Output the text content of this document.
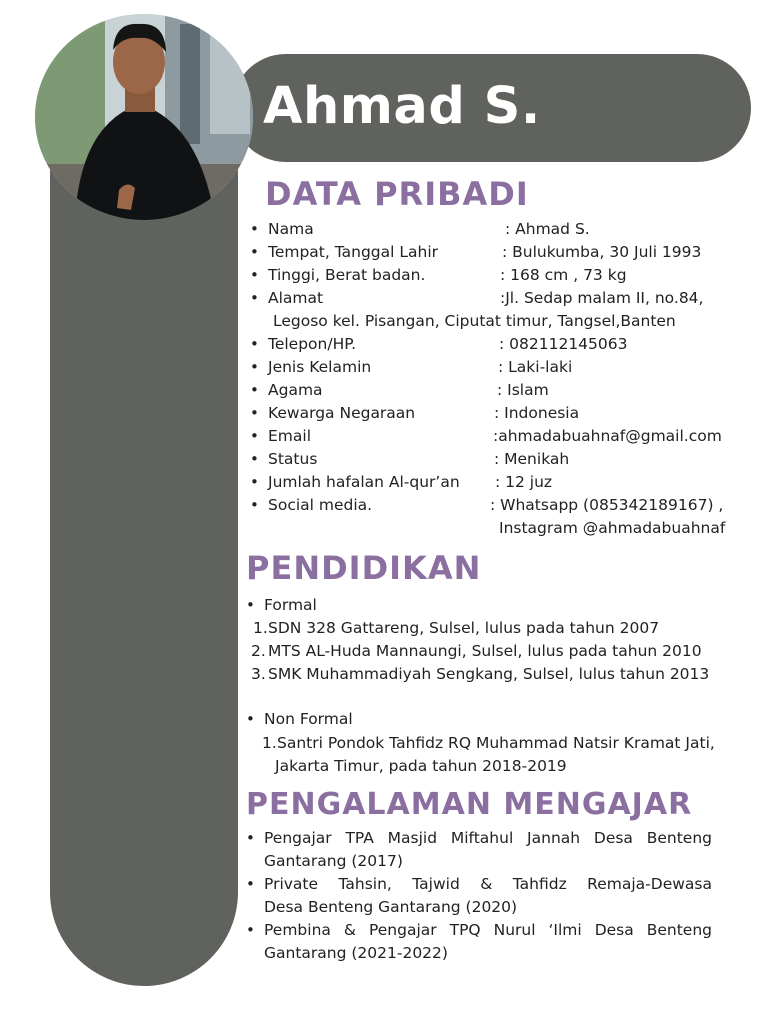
Ahmad S.
DATA PRIBADI
• Nama	: Ahmad S.
• Tempat, Tanggal Lahir	: Bulukumba, 30 Juli 1993
• Tinggi, Berat badan.	: 168 cm , 73 kg
• Alamat	:Jl. Sedap malam II, no.84,
Legoso kel. Pisangan, Ciputat timur, Tangsel,Banten
• Telepon/HP.	: 082112145063
• Jenis Kelamin	: Laki-laki
• Agama	: Islam
• Kewarga Negaraan	: Indonesia
• Email	:ahmadabuahnaf@gmail.com
• Status	: Menikah
• Jumlah hafalan Al-qur’an : 12 juz
• Social media.	: Whatsapp (085342189167) ,
Instagram @ahmadabuahnaf
PENDIDIKAN
• Formal
1. SDN 328 Gattareng, Sulsel, lulus pada tahun 2007
2. MTS AL-Huda Mannaungi, Sulsel, lulus pada tahun 2010
3. SMK Muhammadiyah Sengkang, Sulsel, lulus tahun 2013
• Non Formal
1. Santri Pondok Tahfidz RQ Muhammad Natsir Kramat Jati,
Jakarta Timur, pada tahun 2018-2019
PENGALAMAN MENGAJAR
• Pengajar TPA Masjid Miftahul Jannah Desa Benteng
Gantarang (2017)
• Private Tahsin, Tajwid & Tahfidz Remaja-Dewasa
Desa Benteng Gantarang (2020)
• Pembina & Pengajar TPQ Nurul ‘Ilmi Desa Benteng
Gantarang (2021-2022)
